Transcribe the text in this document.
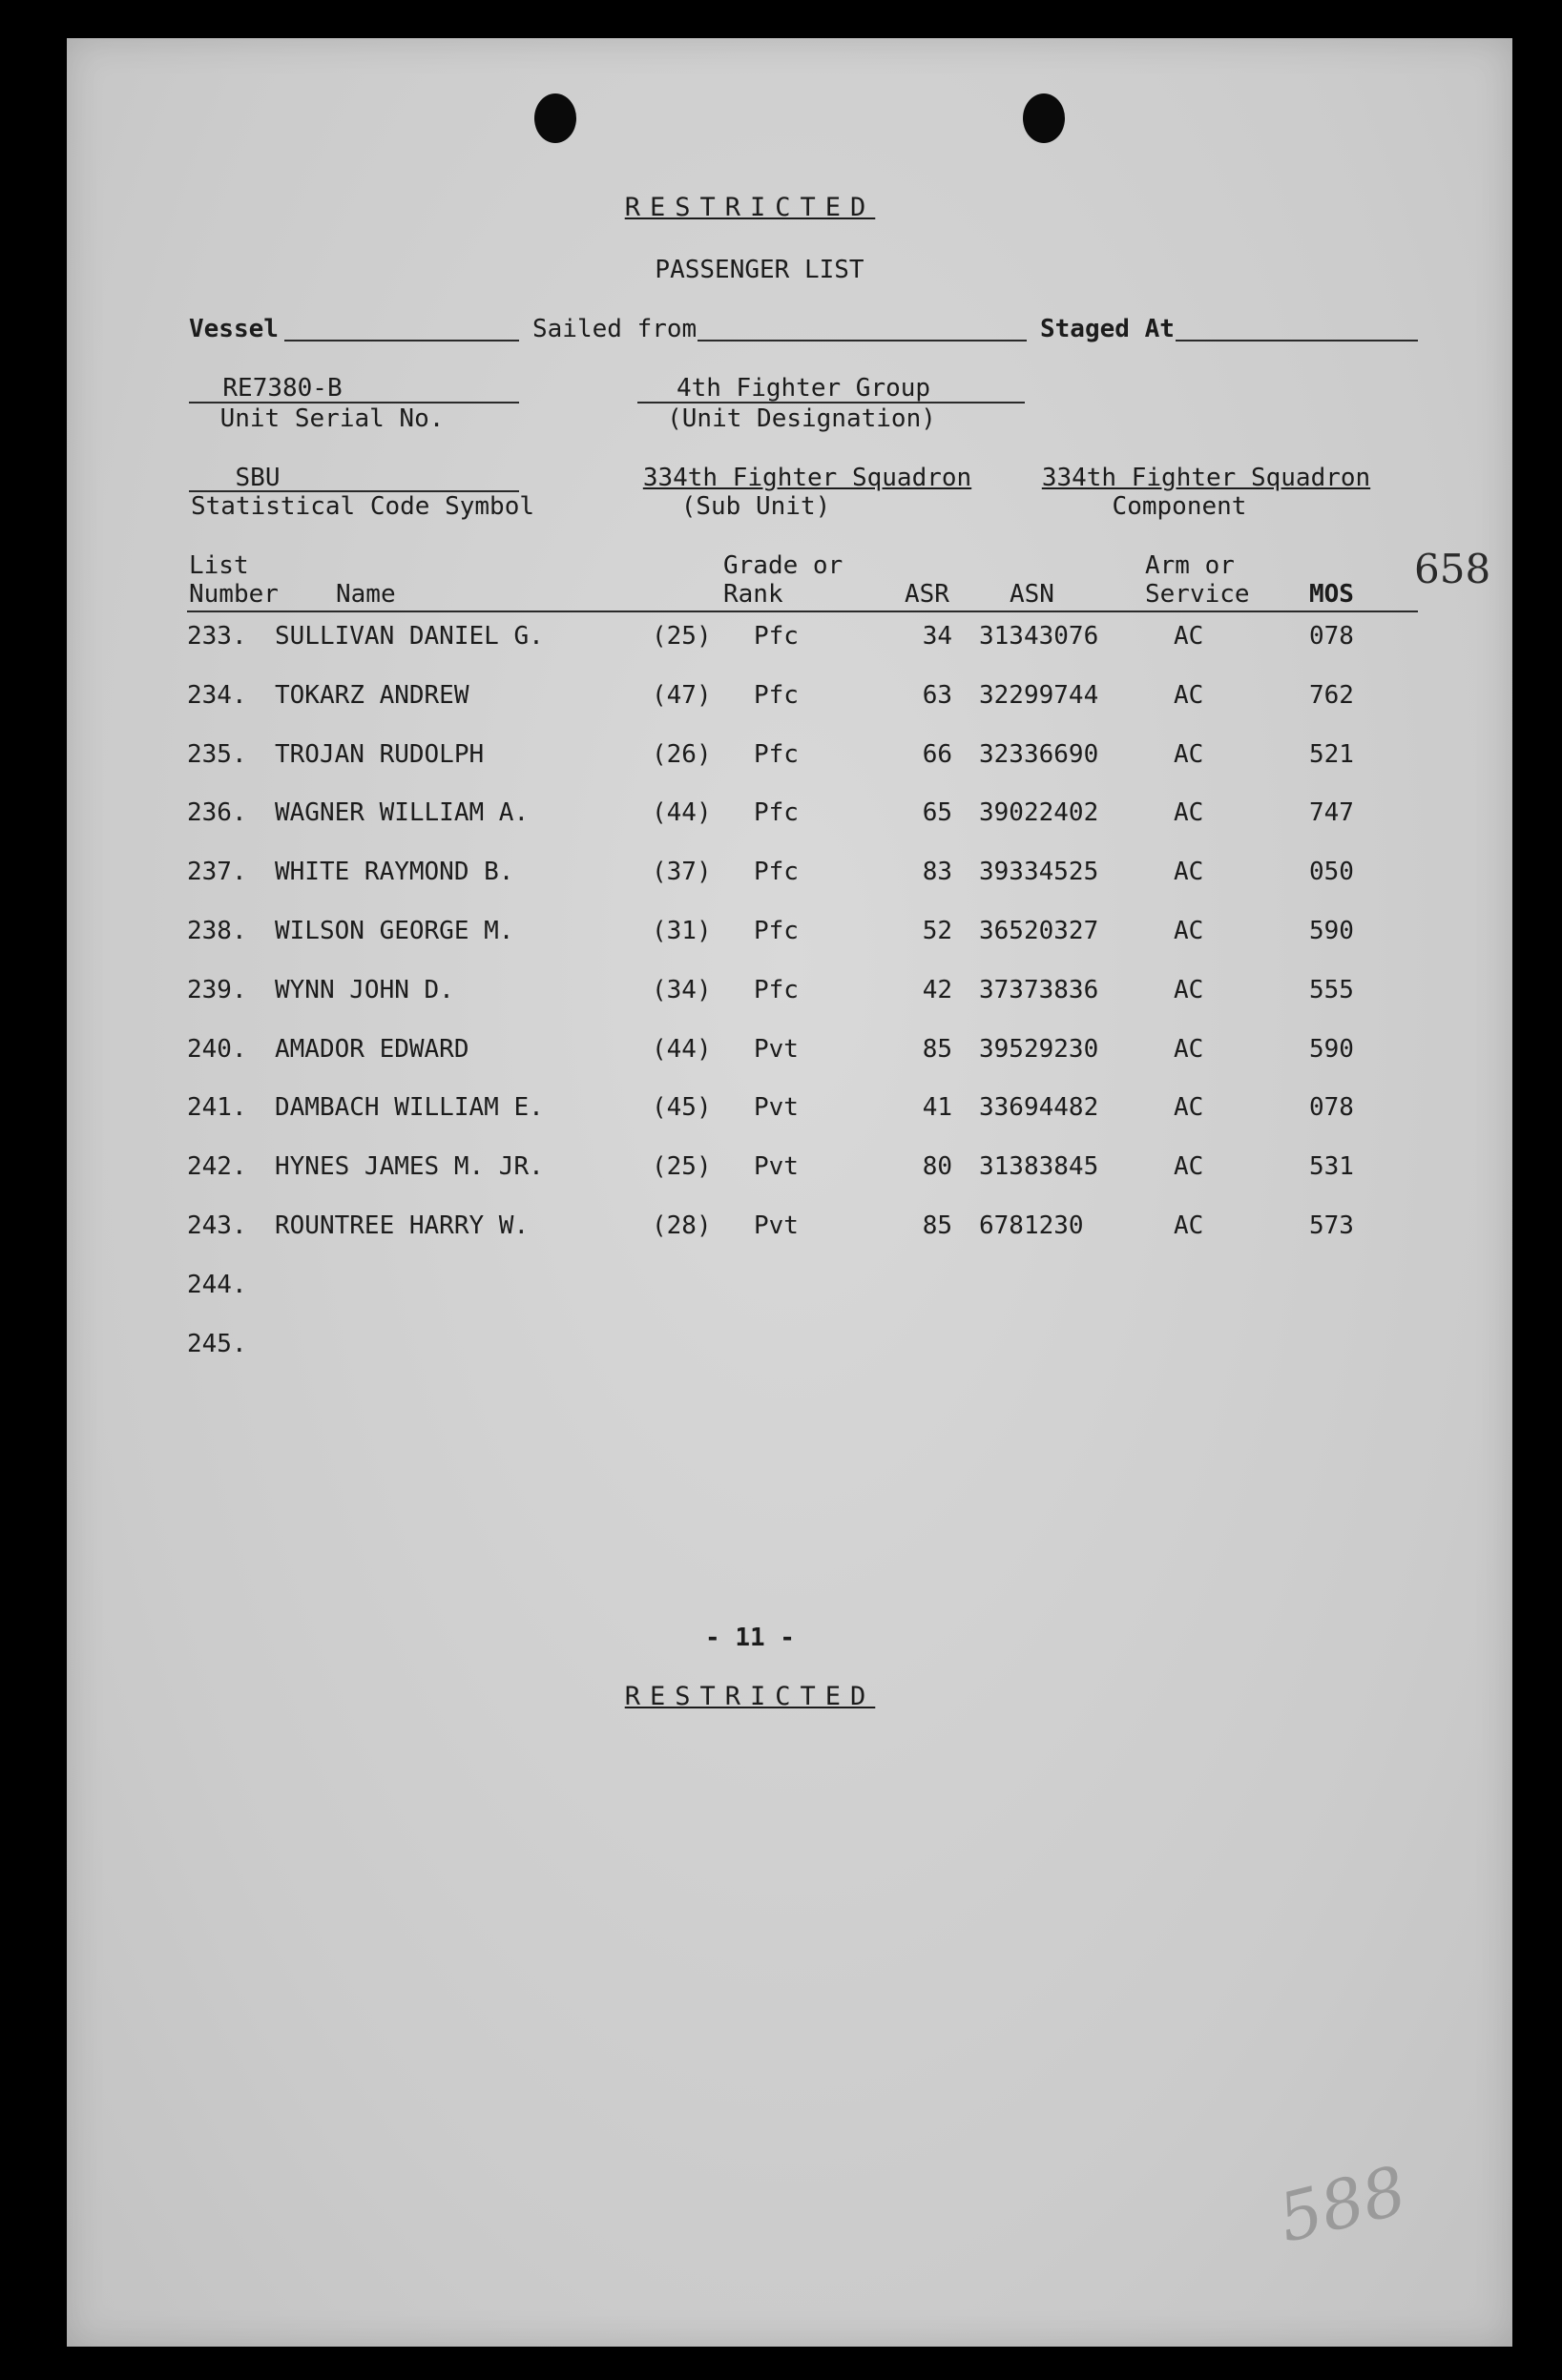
RESTRICTED
PASSENGER LIST
Vessel	Sailed from	Staged At
RE7380-B
Unit Serial No.
4th Fighter Group
(Unit Designation)
SBU
Statistical Code Symbol
334th Fighter Squadron
(Sub Unit)
334th Fighter Squadron
Component
658
List
Number Name
Grade or
Rank	ASR ASN
Arm or
Service MOS
233. SULLIVAN DANIEL G.	(25) Pfc	34 31343076	AC	078
234. TOKARZ ANDREW	(47) Pfc	63 32299744	AC	762
235. TROJAN RUDOLPH	(26) Pfc	66 32336690	AC	521
236. WAGNER WILLIAM A.	(44) Pfc	65 39022402	AC	747
237. WHITE RAYMOND B.	(37) Pfc	83 39334525	AC	050
238. WILSON GEORGE M.	(31) Pfc	52 36520327	AC	590
239. WYNN JOHN D.	(34) Pfc	42 37373836	AC	555
240. AMADOR EDWARD	(44) Pvt	85 39529230	AC	590
241. DAMBACH WILLIAM E.	(45) Pvt	41 33694482	AC	078
242. HYNES JAMES M. JR.	(25) Pvt	80 31383845	AC	531
243. ROUNTREE HARRY W.	(28) Pvt	85 6781230	AC	573
244.
245.
- 11 -
RESTRICTED
588
